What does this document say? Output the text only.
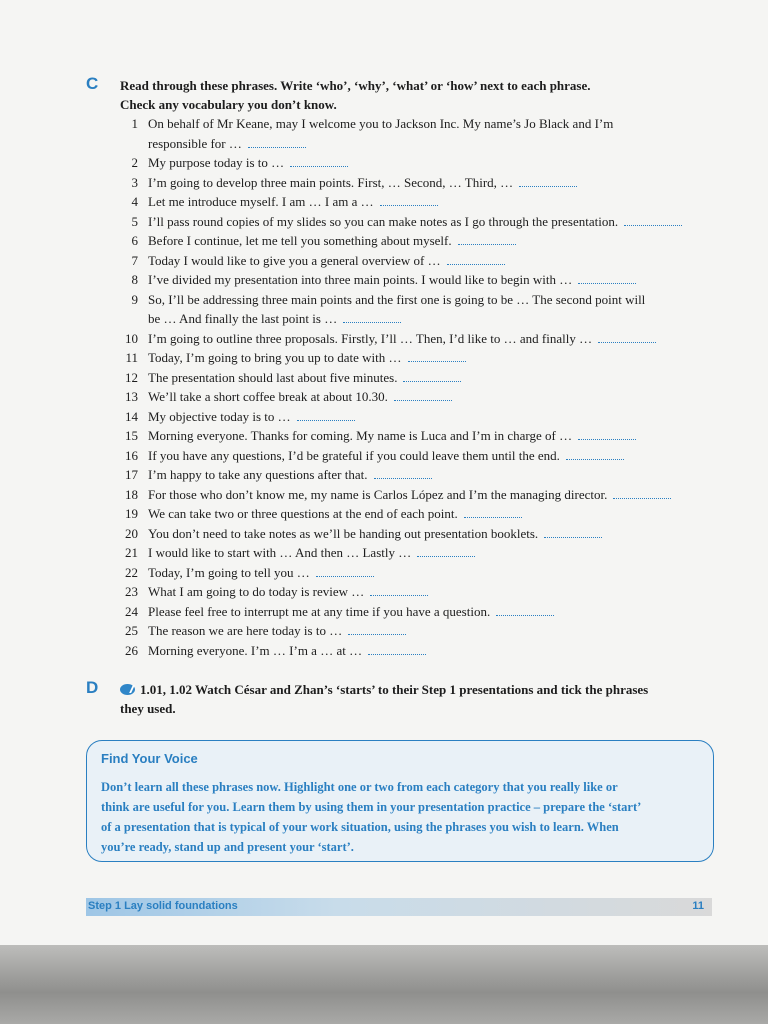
C Read through these phrases. Write ‘who’, ‘why’, ‘what’ or ‘how’ next to each phrase.
Check any vocabulary you don’t know.
1 On behalf of Mr Keane, may I welcome you to Jackson Inc. My name’s Jo Black and I’m
responsible for …
2 My purpose today is to …
3 I’m going to develop three main points. First, … Second, … Third, …
4 Let me introduce myself. I am … I am a …
5 I’ll pass round copies of my slides so you can make notes as I go through the presentation.
6 Before I continue, let me tell you something about myself.
7 Today I would like to give you a general overview of …
8 I’ve divided my presentation into three main points. I would like to begin with …
9 So, I’ll be addressing three main points and the first one is going to be … The second point will
be … And finally the last point is …
10 I’m going to outline three proposals. Firstly, I’ll … Then, I’d like to … and finally …
11 Today, I’m going to bring you up to date with …
12 The presentation should last about five minutes.
13 We’ll take a short coffee break at about 10.30.
14 My objective today is to …
15 Morning everyone. Thanks for coming. My name is Luca and I’m in charge of …
16 If you have any questions, I’d be grateful if you could leave them until the end.
17 I’m happy to take any questions after that.
18 For those who don’t know me, my name is Carlos López and I’m the managing director.
19 We can take two or three questions at the end of each point.
20 You don’t need to take notes as we’ll be handing out presentation booklets.
21 I would like to start with … And then … Lastly …
22 Today, I’m going to tell you …
23 What I am going to do today is review …
24 Please feel free to interrupt me at any time if you have a question.
25 The reason we are here today is to …
26 Morning everyone. I’m … I’m a … at …
D	1.01, 1.02 Watch César and Zhan’s ‘starts’ to their Step 1 presentations and tick the phrases
they used.
Find Your Voice
Don’t learn all these phrases now. Highlight one or two from each category that you really like or
think are useful for you. Learn them by using them in your presentation practice – prepare the ‘start’
of a presentation that is typical of your work situation, using the phrases you wish to learn. When
you’re ready, stand up and present your ‘start’.
Step 1 Lay solid foundations	11
